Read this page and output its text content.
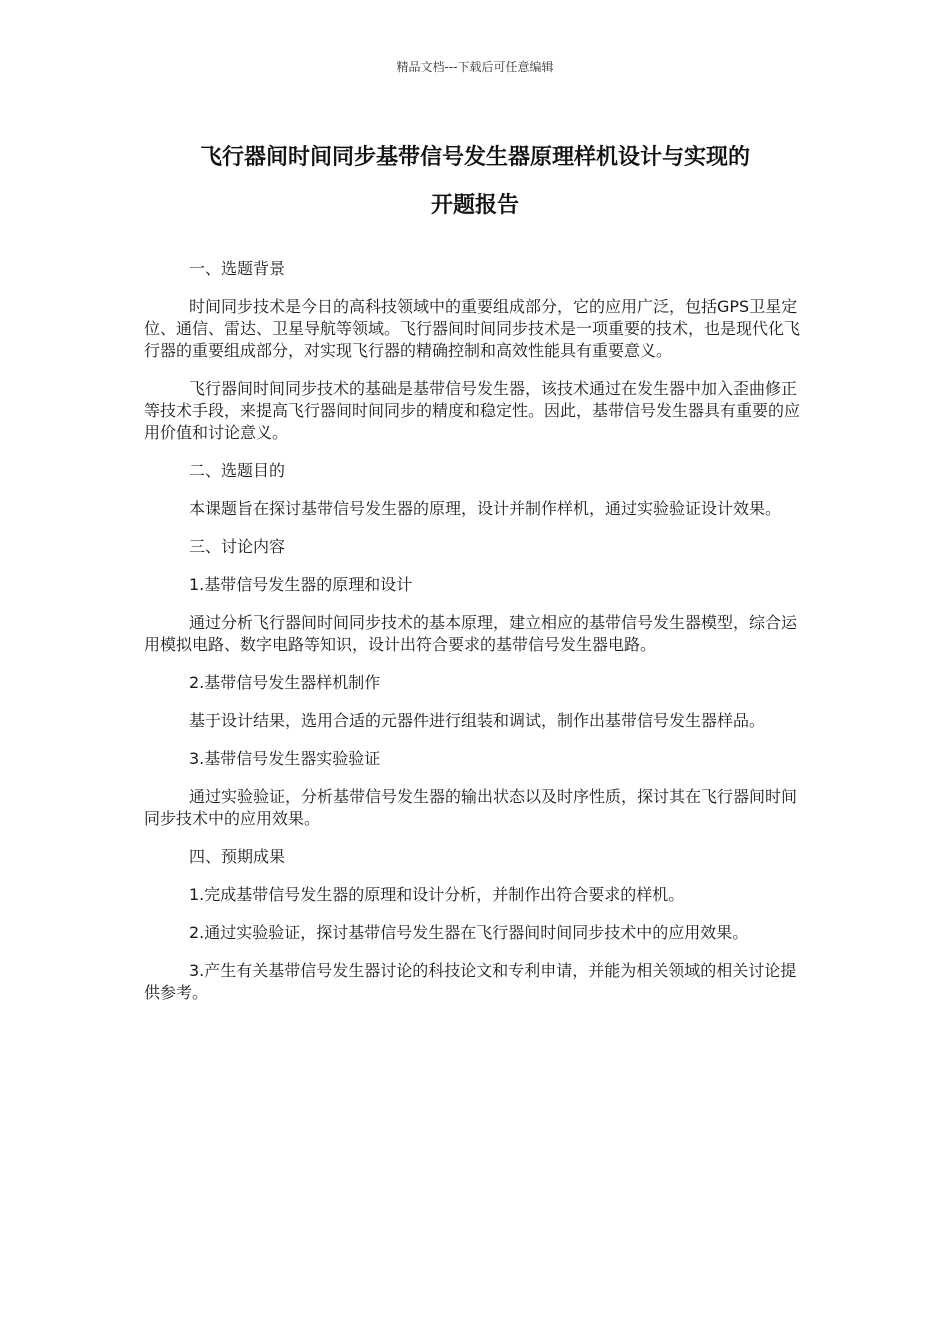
精品文档---下载后可任意编辑
飞行器间时间同步基带信号发生器原理样机设计与实现的
开题报告

一、选题背景

时间同步技术是今日的高科技领域中的重要组成部分，它的应用广泛，包括GPS卫星定位、通信、雷达、卫星导航等领域。飞行器间时间同步技术是一项重要的技术，也是现代化飞行器的重要组成部分，对实现飞行器的精确控制和高效性能具有重要意义。

飞行器间时间同步技术的基础是基带信号发生器，该技术通过在发生器中加入歪曲修正等技术手段，来提高飞行器间时间同步的精度和稳定性。因此，基带信号发生器具有重要的应用价值和讨论意义。

二、选题目的

本课题旨在探讨基带信号发生器的原理，设计并制作样机，通过实验验证设计效果。

三、讨论内容

1.基带信号发生器的原理和设计

通过分析飞行器间时间同步技术的基本原理，建立相应的基带信号发生器模型，综合运用模拟电路、数字电路等知识，设计出符合要求的基带信号发生器电路。

2.基带信号发生器样机制作

基于设计结果，选用合适的元器件进行组装和调试，制作出基带信号发生器样品。

3.基带信号发生器实验验证

通过实验验证，分析基带信号发生器的输出状态以及时序性质，探讨其在飞行器间时间同步技术中的应用效果。

四、预期成果

1.完成基带信号发生器的原理和设计分析，并制作出符合要求的样机。

2.通过实验验证，探讨基带信号发生器在飞行器间时间同步技术中的应用效果。

3.产生有关基带信号发生器讨论的科技论文和专利申请，并能为相关领域的相关讨论提供参考。
